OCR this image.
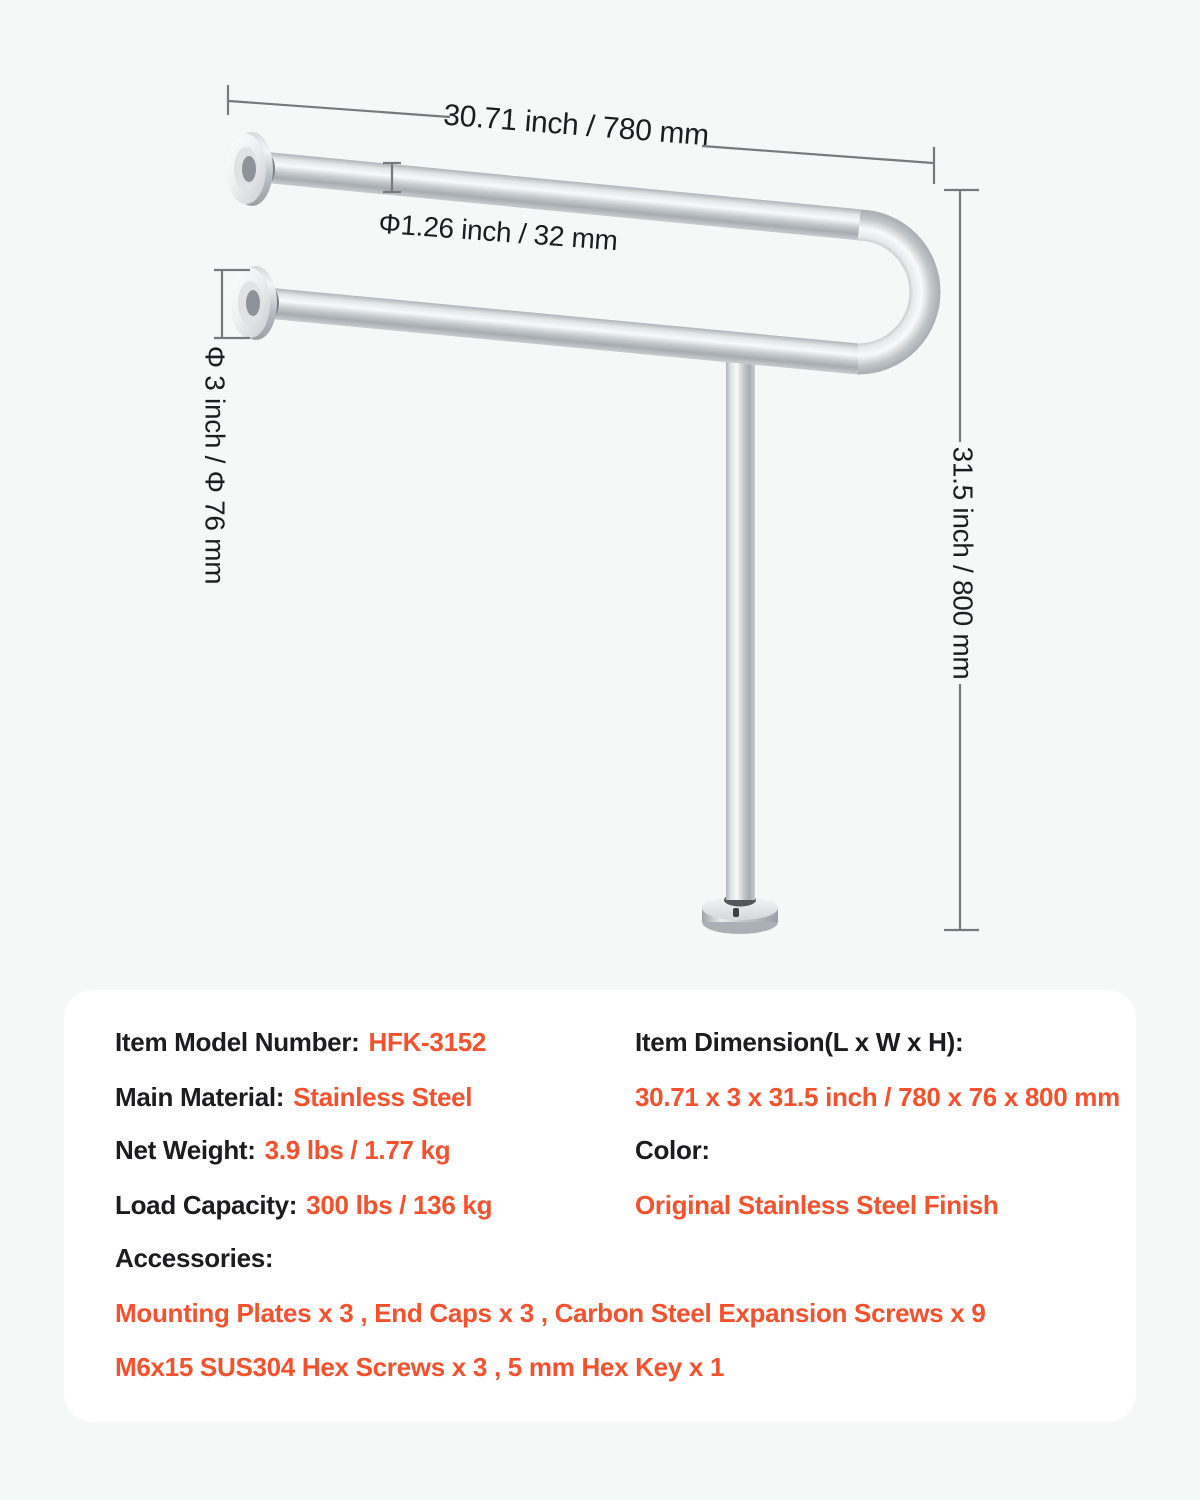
30.71 inch / 780 mm
Φ1.26 inch / 32 mm
Φ 3 inch / Φ 76 mm	31.5 inch / 800 mm
Item Model Number: HFK-3152
Main Material: Stainless Steel
Net Weight: 3.9 lbs / 1.77 kg
Load Capacity: 300 lbs / 136 kg
Item Dimension(L x W x H):
30.71 x 3 x 31.5 inch / 780 x 76 x 800 mm
Color:
Original Stainless Steel Finish
Accessories:
Mounting Plates x 3 , End Caps x 3 , Carbon Steel Expansion Screws x 9
M6x15 SUS304 Hex Screws x 3 , 5 mm Hex Key x 1
